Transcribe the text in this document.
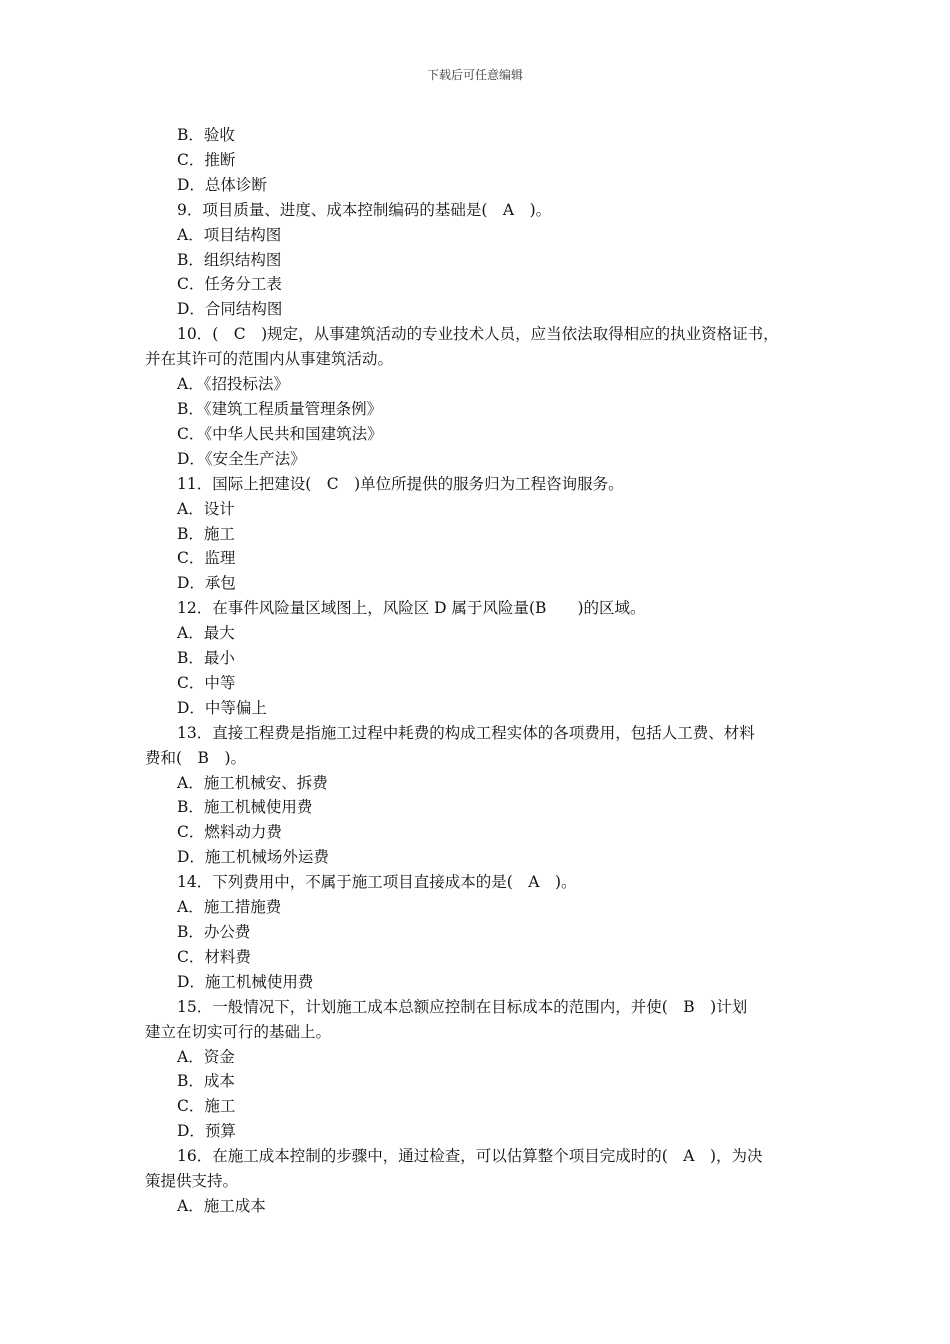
下载后可任意编辑
B．验收
C．推断
D．总体诊断
9．项目质量、进度、成本控制编码的基础是(　A　)。
A．项目结构图
B．组织结构图
C．任务分工表
D．合同结构图
10．(　C　)规定，从事建筑活动的专业技术人员，应当依法取得相应的执业资格证书，
并在其许可的范围内从事建筑活动。
A．《招投标法》
B．《建筑工程质量管理条例》
C．《中华人民共和国建筑法》
D．《安全生产法》
11．国际上把建设(　C　)单位所提供的服务归为工程咨询服务。
A．设计
B．施工
C．监理
D．承包
12．在事件风险量区域图上，风险区 D 属于风险量(B　　)的区域。
A．最大
B．最小
C．中等
D．中等偏上
13．直接工程费是指施工过程中耗费的构成工程实体的各项费用，包括人工费、材料
费和(　B　)。
A．施工机械安、拆费
B．施工机械使用费
C．燃料动力费
D．施工机械场外运费
14．下列费用中，不属于施工项目直接成本的是(　A　)。
A．施工措施费
B．办公费
C．材料费
D．施工机械使用费
15．一般情况下，计划施工成本总额应控制在目标成本的范围内，并使(　B　)计划
建立在切实可行的基础上。
A．资金
B．成本
C．施工
D．预算
16．在施工成本控制的步骤中，通过检查，可以估算整个项目完成时的(　A　)，为决
策提供支持。
A．施工成本
